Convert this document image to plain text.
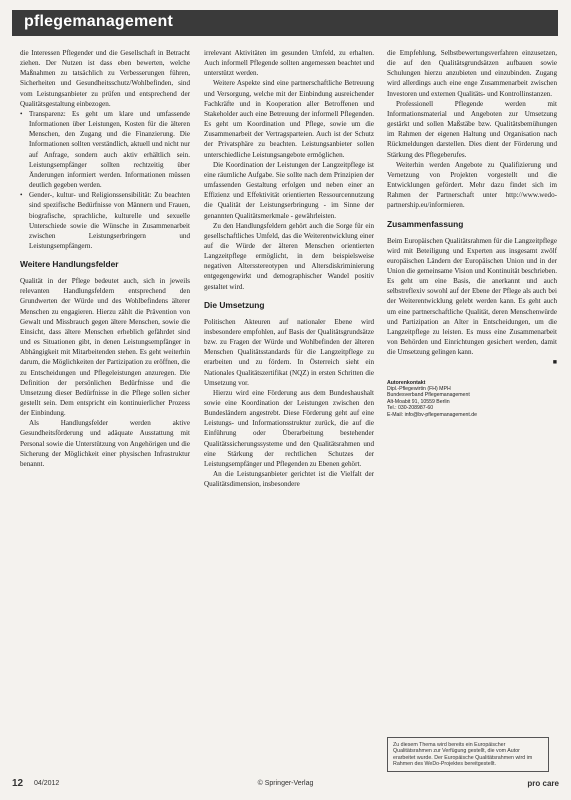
pflegemanagement

die Interessen Pflegender und die Gesellschaft in Betracht ziehen. Der Nutzen ist dass eben bewerten, welche Maßnahmen zu tatsächlich zu Verbesserungen führen, Sicherheiten und Gesundheitsschutz/Wohlbefinden, sind vom Leistungsanbieter zu prüfen und entsprechend der Qualitätsgestaltung einbezogen.

• Transparenz: Es geht um klare und umfassende Informationen über Leistungen, Kosten für die älteren Menschen, den Zugang und die Finanzierung. Die Informationen sollten verständlich, aktuell und nicht nur auf Anfrage, sondern auch aktiv erhältlich sein. Leistungsempfänger sollten rechtzeitig über Änderungen informiert werden. Informationen müssen deutlich gegeben werden.
• Gender-, kultur- und Religionssensibilität: Zu beachten sind spezifische Bedürfnisse von Männern und Frauen, biografische, sprachliche, kulturelle und sexuelle Unterschiede sowie die Wünsche in Zusammenarbeit zwischen Leistungserbringern und Leistungsempfängern.
Weitere Handlungsfelder

Qualität in der Pflege bedeutet auch, sich in jeweils relevanten Handlungsfeldern entsprechend den Grundwerten der Würde und des Wohlbefindens älterer Menschen zu engagieren. Hierzu zählt die Prävention von Gewalt und Missbrauch gegen ältere Menschen, sowie die Einsicht, dass ältere Menschen erheblich gefährdet sind und es Situationen gibt, in denen Leistungsempfänger in Abhängigkeit mit Mitarbeitenden stehen. Es geht weiterhin darum, die Möglichkeiten der Partizipation zu eröffnen, die zu Entscheidungen und Pflegeleistungen anzuregen. Die Definition der persönlichen Bedürfnisse und die Umsetzung dieser Bedürfnisse in die Pflege sollen sicher gestellt sein. Dem entspricht ein kontinuierlicher Prozess der Einbindung.

Als Handlungsfelder werden aktive Gesundheitsförderung und adäquate Ausstattung mit Personal sowie die Unterstützung von Angehörigen und die Sicherung der Möglichkeit einer physischen Infrastruktur benannt.

irrelevant Aktivitäten im gesunden Umfeld, zu erhalten. Auch informell Pflegende sollten angemessen beachtet und unterstützt werden.

Weitere Aspekte sind eine partnerschaftliche Betreuung und Versorgung, welche mit der Einbindung ausreichender Fachkräfte und in Kooperation aller Betroffenen und Stakeholder auch eine Betreuung der informell Pflegenden. Es geht um Koordination und Pflege, sowie um die Zusammenarbeit der Vertragsparteien. Auch ist der Schutz der Privatsphäre zu beachten. Leistungsanbieter sollen unterschiedliche Leistungsangebote ermöglichen.

Die Koordination der Leistungen der Langzeitpflege ist eine räumliche Aufgabe. Sie sollte nach dem Prinzipien der umfassenden Gestaltung erfolgen und neben einer an Effizienz und Effektivität orientierten Ressourcennutzung die Qualität der Leistungserbringung - im Sinne der genannten Qualitätsmerkmale - gewährleisten.

Zu den Handlungsfeldern gehört auch die Sorge für ein gesellschaftliches Umfeld, das die Weiterentwicklung einer auf die Würde der älteren Menschen orientierten Langzeitpflege ermöglicht, in dem beispielsweise negativen Altersstereotypen und Altersdiskriminierung entgegengewirkt und demographischer Wandel positiv gestaltet wird.

Die Umsetzung

Politischen Akteuren auf nationaler Ebene wird insbesondere empfohlen, auf Basis der Qualitätsgrundsätze bzw. zu Fragen der Würde und Wohlbefinden der älteren Menschen Qualitätsstandards für die Langzeitpflege zu erarbeiten und zu fördern. In Österreich sieht ein Nationales Qualitätszertifikat (NQZ) in ersten Schritten die Umsetzung vor.

Hierzu wird eine Förderung aus dem Bundeshaushalt sowie eine Koordination der Leistungen zwischen den Bundesländern angestrebt. Diese Förderung geht auf eine Leistungs- und Informationsstruktur zurück, die auf die Einführung oder Überarbeitung bestehender Qualitätssicherungssysteme und den Qualitätsrahmen und eine Stärkung der rechtlichen Schutzes der Leistungsempfänger und Pflegenden zu Ebenen gehört.

An die Leistungsanbieter gerichtet ist die Vielfalt der Qualitätsdimension, insbesondere

die Empfehlung, Selbstbewertungsverfahren einzusetzen, die auf den Qualitätsgrundsätzen aufbauen sowie Schulungen hierzu anzubieten und einzubinden. Zugang wird allerdings auch eine enge Zusammenarbeit zwischen Investoren und externen Qualitäts- und Kontrollinstanzen.

Professionell Pflegende werden mit Informationsmaterial und Angeboten zur Umsetzung gestärkt und sollen Maßstäbe bzw. Qualitätsbemühungen im Rahmen der eigenen Haltung und Organisation nach Rückmeldungen darstellen. Dies dient der Förderung und Stärkung des Pflegeberufes.

Weiterhin werden Angebote zu Qualifizierung und Vernetzung von Projekten vorgestellt und die Entwicklungen gefördert. Mehr dazu findet sich im Rahmen der Partnerschaft unter http://www.wedo-partnership.eu/informieren.

Zusammenfassung

Beim Europäischen Qualitätsrahmen für die Langzeitpflege wird mit Beteiligung und Experten aus insgesamt zwölf europäischen Ländern der Europäischen Union und in der Union die gemeinsame Vision und Kontinuität beschrieben. Es geht um eine Basis, die anerkannt und auch selbstreflexiv sowohl auf der Ebene der Pflege als auch bei der Weiterentwicklung gelebt werden kann. Es geht auch um eine partnerschaftliche Qualität, deren Menschenwürde und Partizipation an Alter in Entscheidungen, um die Langzeitpflege zu leisten. Es muss eine Zusammenarbeit von Behörden und Einrichtungen gesichert werden, damit die Umsetzung gelingen kann.

■
Autorenkontakt
Dipl.-Pflegewirtin (FH) MPH
Bundesverband Pflegemanagement
Alt-Moabit 91, 10559 Berlin
Tel.: 030-208987-60
E-Mail: info@bv-pflegemanagement.de
Zu diesem Thema wird bereits ein Europäischer Qualitätsrahmen zur Verfügung gestellt, die vom Autor erarbeitet wurde. Der Europäische Qualitätsrahmen wird im Rahmen des WeDo-Projektes bereitgestellt.
12 04/2012	© Springer-Verlag	pro care
